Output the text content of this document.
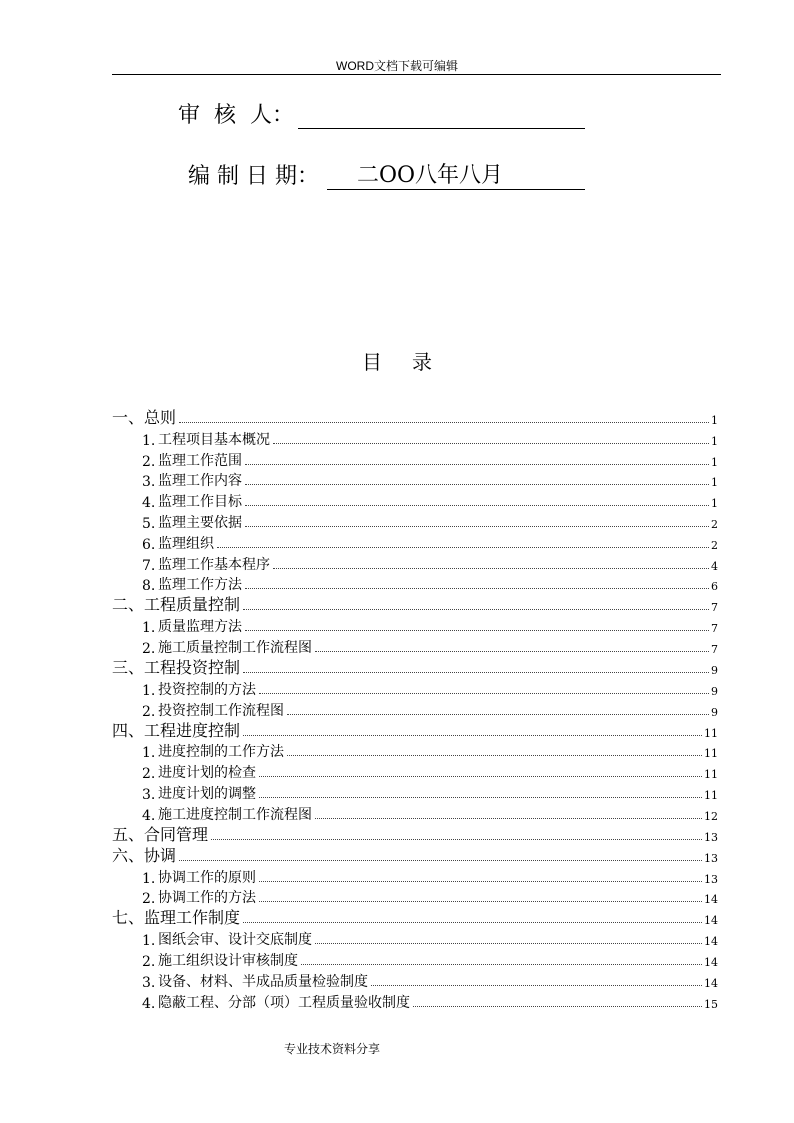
WORD文档下载可编辑
审  核  人：
编 制 日 期： 二OO八年八月
目录
一、总则	1
1. 工程项目基本概况	1
2. 监理工作范围	1
3. 监理工作内容	1
4. 监理工作目标	1
5. 监理主要依据	2
6. 监理组织	2
7. 监理工作基本程序	4
8. 监理工作方法	6
二、工程质量控制	7
1. 质量监理方法	7
2. 施工质量控制工作流程图	7
三、工程投资控制	9
1. 投资控制的方法	9
2. 投资控制工作流程图	9
四、工程进度控制	11
1. 进度控制的工作方法	11
2. 进度计划的检查	11
3. 进度计划的调整	11
4. 施工进度控制工作流程图	12
五、合同管理	13
六、协调	13
1. 协调工作的原则	13
2. 协调工作的方法	14
七、监理工作制度	14
1. 图纸会审、设计交底制度	14
2. 施工组织设计审核制度	14
3. 设备、材料、半成品质量检验制度	14
4. 隐蔽工程、分部（项）工程质量验收制度	15
专业技术资料分享
